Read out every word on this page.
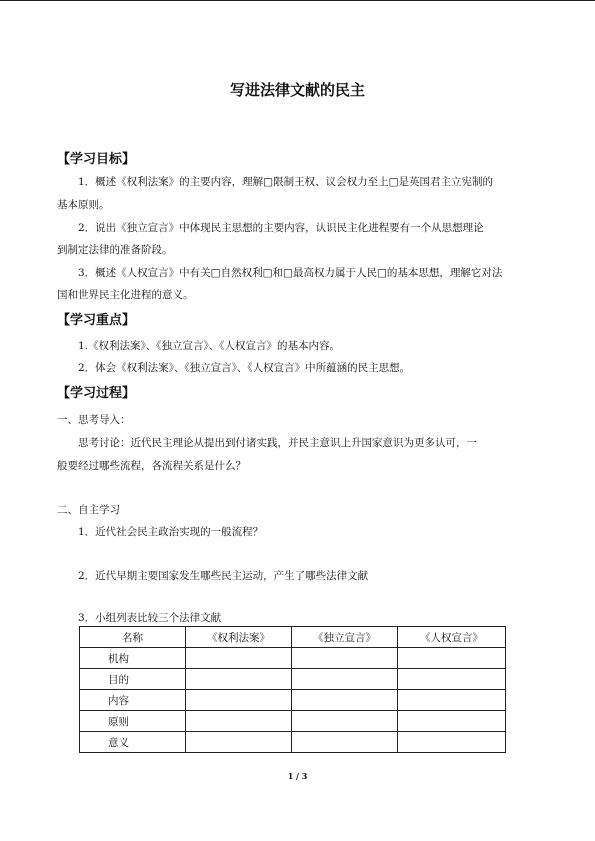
写进法律文献的民主
【学习目标】
1．概述《权利法案》的主要内容，理解□限制王权、议会权力至上□是英国君主立宪制的
基本原则。
2．说出《独立宣言》中体现民主思想的主要内容，认识民主化进程要有一个从思想理论
到制定法律的准备阶段。
3．概述《人权宣言》中有关□自然权利□和□最高权力属于人民□的基本思想，理解它对法
国和世界民主化进程的意义。
【学习重点】
1.《权利法案》、《独立宣言》、《人权宣言》的基本内容。
2．体会《权利法案》、《独立宣言》、《人权宣言》中所蕴涵的民主思想。
【学习过程】
一、思考导入：
思考讨论：近代民主理论从提出到付诸实践，并民主意识上升国家意识为更多认可，一
般要经过哪些流程，各流程关系是什么？
二、自主学习
1．近代社会民主政治实现的一般流程？
2．近代早期主要国家发生哪些民主运动，产生了哪些法律文献
3．小组列表比较三个法律文献
名称	《权利法案》	《独立宣言》	《人权宣言》
机构			
目的			
内容			
原则			
意义			
1 / 3
